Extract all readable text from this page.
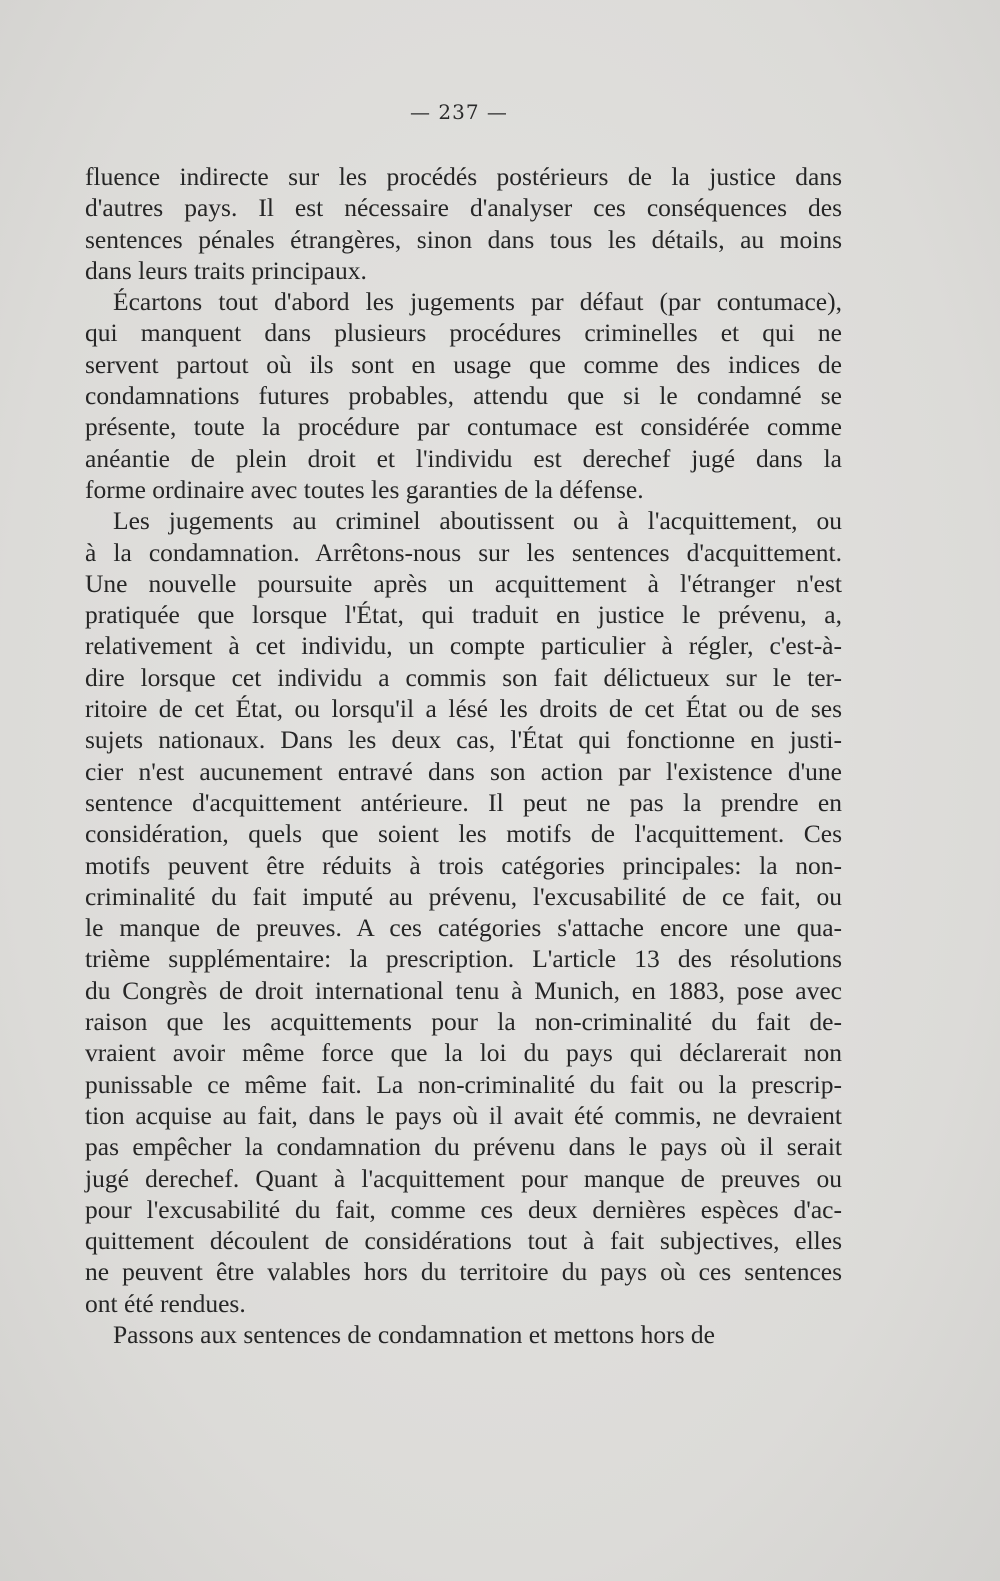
— 237 —
fluence indirecte sur les procédés postérieurs de la justice dans
d'autres pays. Il est nécessaire d'analyser ces conséquences des
sentences pénales étrangères, sinon dans tous les détails, au moins
dans leurs traits principaux.
Écartons tout d'abord les jugements par défaut (par contumace),
qui manquent dans plusieurs procédures criminelles et qui ne
servent partout où ils sont en usage que comme des indices de
condamnations futures probables, attendu que si le condamné se
présente, toute la procédure par contumace est considérée comme
anéantie de plein droit et l'individu est derechef jugé dans la
forme ordinaire avec toutes les garanties de la défense.
Les jugements au criminel aboutissent ou à l'acquittement, ou
à la condamnation. Arrêtons-nous sur les sentences d'acquittement.
Une nouvelle poursuite après un acquittement à l'étranger n'est
pratiquée que lorsque l'État, qui traduit en justice le prévenu, a,
relativement à cet individu, un compte particulier à régler, c'est-à-
dire lorsque cet individu a commis son fait délictueux sur le ter-
ritoire de cet État, ou lorsqu'il a lésé les droits de cet État ou de ses
sujets nationaux. Dans les deux cas, l'État qui fonctionne en justi-
cier n'est aucunement entravé dans son action par l'existence d'une
sentence d'acquittement antérieure. Il peut ne pas la prendre en
considération, quels que soient les motifs de l'acquittement. Ces
motifs peuvent être réduits à trois catégories principales: la non-
criminalité du fait imputé au prévenu, l'excusabilité de ce fait, ou
le manque de preuves. A ces catégories s'attache encore une qua-
trième supplémentaire: la prescription. L'article 13 des résolutions
du Congrès de droit international tenu à Munich, en 1883, pose avec
raison que les acquittements pour la non-criminalité du fait de-
vraient avoir même force que la loi du pays qui déclarerait non
punissable ce même fait. La non-criminalité du fait ou la prescrip-
tion acquise au fait, dans le pays où il avait été commis, ne devraient
pas empêcher la condamnation du prévenu dans le pays où il serait
jugé derechef. Quant à l'acquittement pour manque de preuves ou
pour l'excusabilité du fait, comme ces deux dernières espèces d'ac-
quittement découlent de considérations tout à fait subjectives, elles
ne peuvent être valables hors du territoire du pays où ces sentences
ont été rendues.
Passons aux sentences de condamnation et mettons hors de
